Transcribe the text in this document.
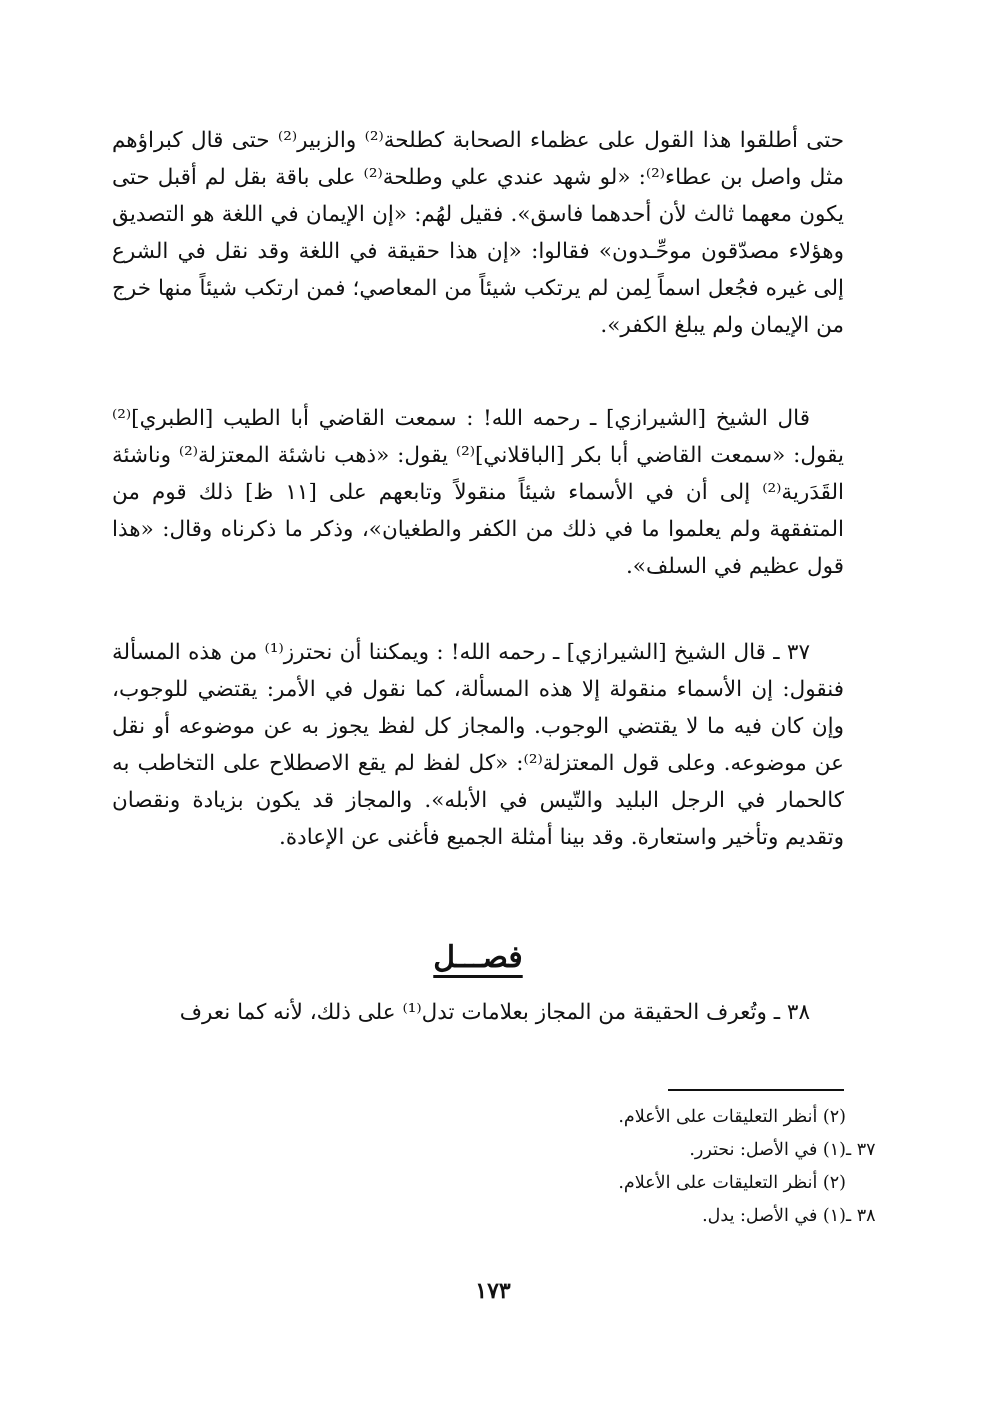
حتى أطلقوا هذا القول على عظماء الصحابة كطلحة⁽²⁾ والزبير⁽²⁾ حتى قال كبراؤهم مثل واصل بن عطاء⁽²⁾: «لو شهد عندي علي وطلحة⁽²⁾ على باقة بقل لم أقبل حتى يكون معهما ثالث لأن أحدهما فاسق». فقيل لهُم: «إن الإيمان في اللغة هو التصديق وهؤلاء مصدّقون موحِّـدون» فقالوا: «إن هذا حقيقة في اللغة وقد نقل في الشرع إلى غيره فجُعل اسماً لِمن لم يرتكب شيئاً من المعاصي؛ فمن ارتكب شيئاً منها خرج من الإيمان ولم يبلغ الكفر».

قال الشيخ [الشيرازي] ـ رحمه الله! : سمعت القاضي أبا الطيب [الطبري]⁽²⁾ يقول: «سمعت القاضي أبا بكر [الباقلاني]⁽²⁾ يقول: «ذهب ناشئة المعتزلة⁽²⁾ وناشئة القَدَرية⁽²⁾ إلى أن في الأسماء شيئاً منقولاً وتابعهم على [١١ ظ] ذلك قوم من المتفقهة ولم يعلموا ما في ذلك من الكفر والطغيان»، وذكر ما ذكرناه وقال: «هذا قول عظيم في السلف».

٣٧ ـ قال الشيخ [الشيرازي] ـ رحمه الله! : ويمكننا أن نحترز⁽¹⁾ من هذه المسألة فنقول: إن الأسماء منقولة إلا هذه المسألة، كما نقول في الأمر: يقتضي للوجوب، وإن كان فيه ما لا يقتضي الوجوب. والمجاز كل لفظ يجوز به عن موضوعه أو نقل عن موضوعه. وعلى قول المعتزلة⁽²⁾: «كل لفظ لم يقع الاصطلاح على التخاطب به كالحمار في الرجل البليد والتّيس في الأبله». والمجاز قد يكون بزيادة ونقصان وتقديم وتأخير واستعارة. وقد بينا أمثلة الجميع فأغنى عن الإعادة.

فصـــل

٣٨ ـ وتُعرف الحقيقة من المجاز بعلامات تدل⁽¹⁾ على ذلك، لأنه كما نعرف

(٢) أنظر التعليقات على الأعلام.
٣٧ ـ(١) في الأصل: نحترر.
(٢) أنظر التعليقات على الأعلام.
٣٨ ـ(١) في الأصل: يدل.
١٧٣
